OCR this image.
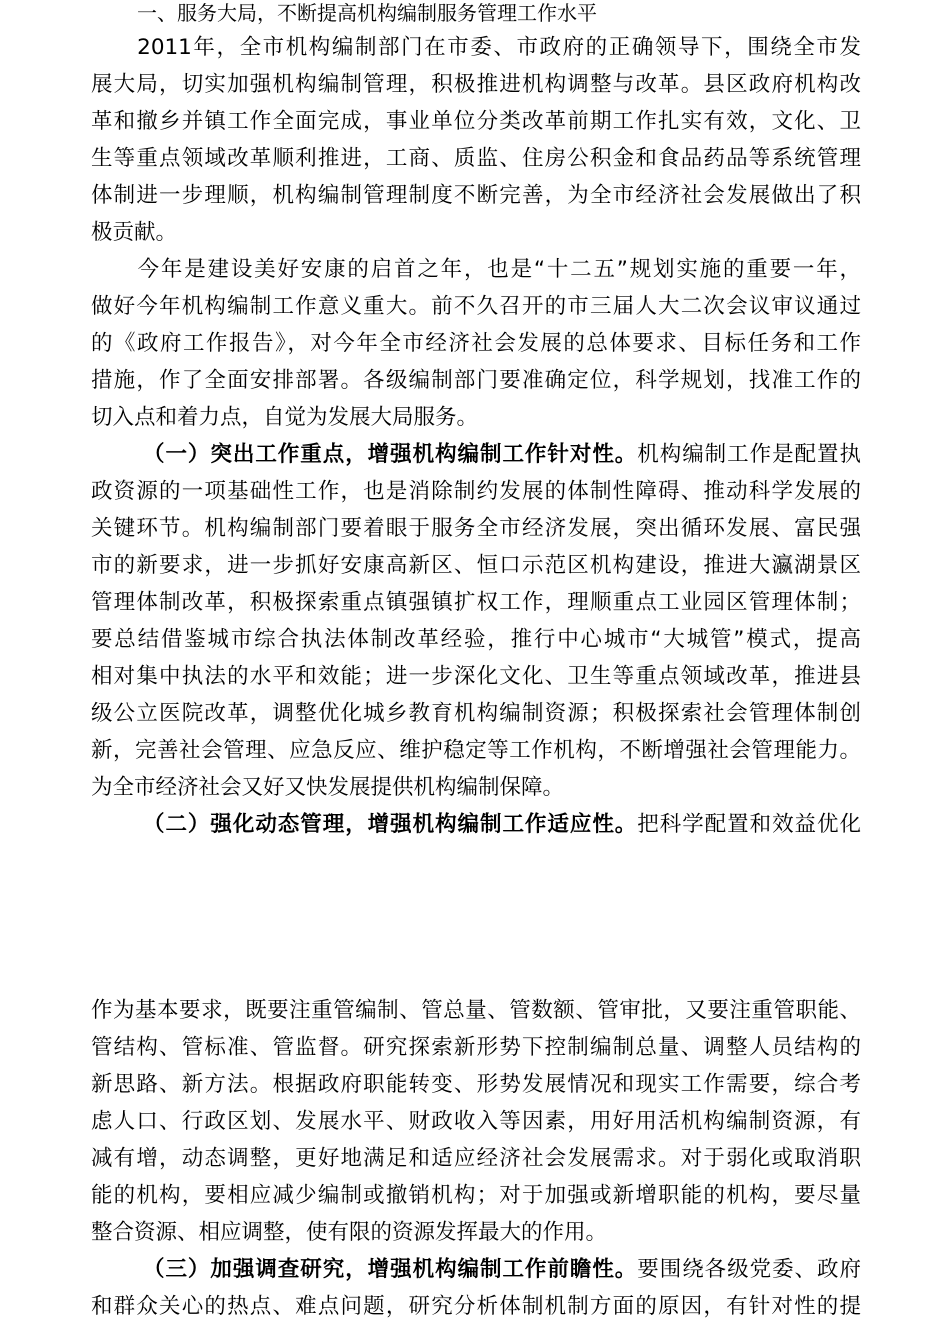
一、服务大局，不断提高机构编制服务管理工作水平
　　2011年，全市机构编制部门在市委、市政府的正确领导下，围绕全市发
展大局，切实加强机构编制管理，积极推进机构调整与改革。县区政府机构改
革和撤乡并镇工作全面完成，事业单位分类改革前期工作扎实有效，文化、卫
生等重点领域改革顺利推进，工商、质监、住房公积金和食品药品等系统管理
体制进一步理顺，机构编制管理制度不断完善，为全市经济社会发展做出了积
极贡献。
　　今年是建设美好安康的启首之年，也是“十二五”规划实施的重要一年，
做好今年机构编制工作意义重大。前不久召开的市三届人大二次会议审议通过
的《政府工作报告》，对今年全市经济社会发展的总体要求、目标任务和工作
措施，作了全面安排部署。各级编制部门要准确定位，科学规划，找准工作的
切入点和着力点，自觉为发展大局服务。
（一）突出工作重点，增强机构编制工作针对性。机构编制工作是配置执
政资源的一项基础性工作，也是消除制约发展的体制性障碍、推动科学发展的
关键环节。机构编制部门要着眼于服务全市经济发展，突出循环发展、富民强
市的新要求，进一步抓好安康高新区、恒口示范区机构建设，推进大瀛湖景区
管理体制改革，积极探索重点镇强镇扩权工作，理顺重点工业园区管理体制；
要总结借鉴城市综合执法体制改革经验，推行中心城市“大城管”模式，提高
相对集中执法的水平和效能；进一步深化文化、卫生等重点领域改革，推进县
级公立医院改革，调整优化城乡教育机构编制资源；积极探索社会管理体制创
新，完善社会管理、应急反应、维护稳定等工作机构，不断增强社会管理能力。
为全市经济社会又好又快发展提供机构编制保障。
（二）强化动态管理，增强机构编制工作适应性。把科学配置和效益优化
作为基本要求，既要注重管编制、管总量、管数额、管审批，又要注重管职能、
管结构、管标准、管监督。研究探索新形势下控制编制总量、调整人员结构的
新思路、新方法。根据政府职能转变、形势发展情况和现实工作需要，综合考
虑人口、行政区划、发展水平、财政收入等因素，用好用活机构编制资源，有
减有增，动态调整，更好地满足和适应经济社会发展需求。对于弱化或取消职
能的机构，要相应减少编制或撤销机构；对于加强或新增职能的机构，要尽量
整合资源、相应调整，使有限的资源发挥最大的作用。
（三）加强调查研究，增强机构编制工作前瞻性。要围绕各级党委、政府
和群众关心的热点、难点问题，研究分析体制机制方面的原因，有针对性的提
